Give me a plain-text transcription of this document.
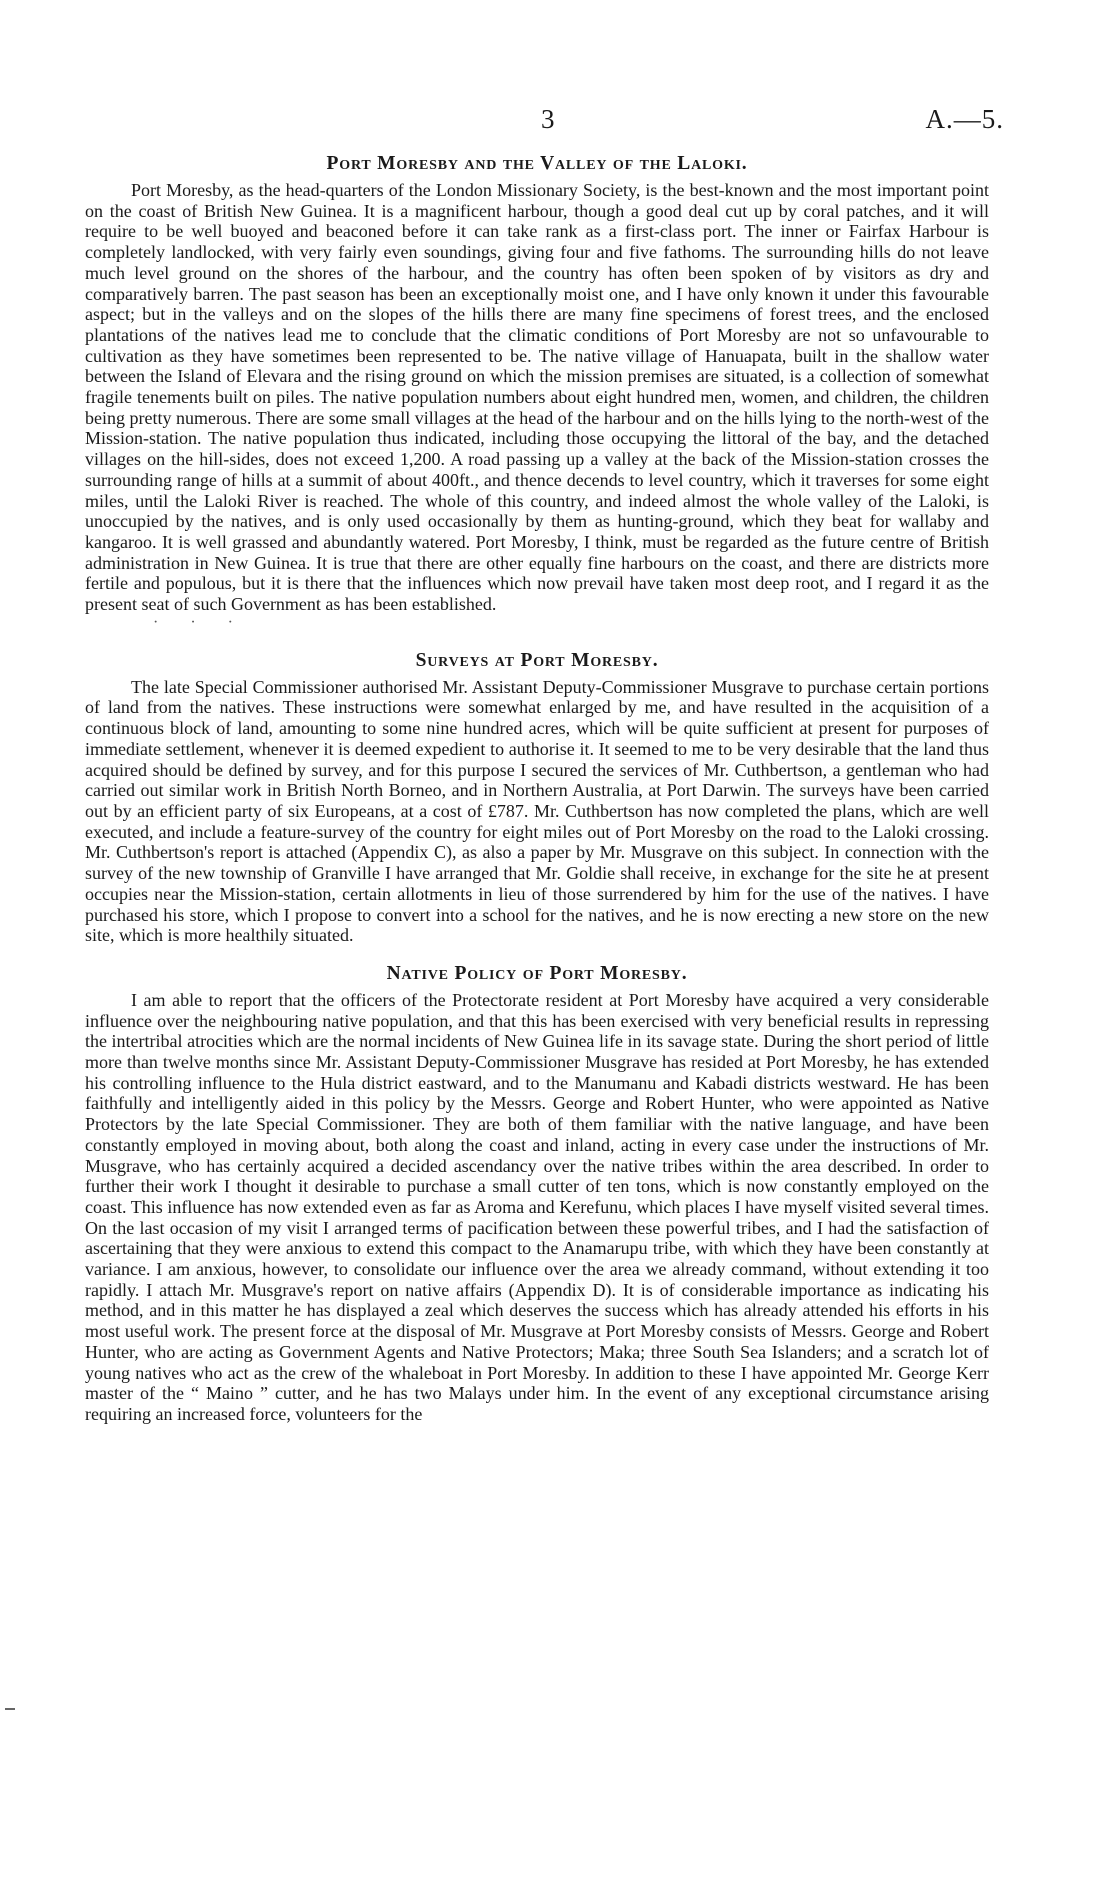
3	A.—5.
Port Moresby and the Valley of the Laloki.

Port Moresby, as the head-quarters of the London Missionary Society, is the best-known and the most important point on the coast of British New Guinea. It is a magnificent harbour, though a good deal cut up by coral patches, and it will require to be well buoyed and beaconed before it can take rank as a first-class port. The inner or Fairfax Harbour is completely landlocked, with very fairly even soundings, giving four and five fathoms. The surrounding hills do not leave much level ground on the shores of the harbour, and the country has often been spoken of by visitors as dry and comparatively barren. The past season has been an exceptionally moist one, and I have only known it under this favourable aspect; but in the valleys and on the slopes of the hills there are many fine specimens of forest trees, and the enclosed plantations of the natives lead me to conclude that the climatic conditions of Port Moresby are not so unfavourable to cultivation as they have sometimes been represented to be. The native village of Hanuapata, built in the shallow water between the Island of Elevara and the rising ground on which the mission premises are situated, is a collection of somewhat fragile tenements built on piles. The native population numbers about eight hundred men, women, and children, the children being pretty numerous. There are some small villages at the head of the harbour and on the hills lying to the north-west of the Mission-station. The native population thus indicated, including those occupying the littoral of the bay, and the detached villages on the hill-sides, does not exceed 1,200. A road passing up a valley at the back of the Mission-station crosses the surrounding range of hills at a summit of about 400ft., and thence decends to level country, which it traverses for some eight miles, until the Laloki River is reached. The whole of this country, and indeed almost the whole valley of the Laloki, is unoccupied by the natives, and is only used occasionally by them as hunting-ground, which they beat for wallaby and kangaroo. It is well grassed and abundantly watered. Port Moresby, I think, must be regarded as the future centre of British administration in New Guinea. It is true that there are other equally fine harbours on the coast, and there are districts more fertile and populous, but it is there that the influences which now prevail have taken most deep root, and I regard it as the present seat of such Government as has been established.

· · ·
Surveys at Port Moresby.

The late Special Commissioner authorised Mr. Assistant Deputy-Commissioner Musgrave to purchase certain portions of land from the natives. These instructions were somewhat enlarged by me, and have resulted in the acquisition of a continuous block of land, amounting to some nine hundred acres, which will be quite sufficient at present for purposes of immediate settlement, whenever it is deemed expedient to authorise it. It seemed to me to be very desirable that the land thus acquired should be defined by survey, and for this purpose I secured the services of Mr. Cuthbertson, a gentleman who had carried out similar work in British North Borneo, and in Northern Australia, at Port Darwin. The surveys have been carried out by an efficient party of six Europeans, at a cost of £787. Mr. Cuthbertson has now completed the plans, which are well executed, and include a feature-survey of the country for eight miles out of Port Moresby on the road to the Laloki crossing. Mr. Cuthbertson's report is attached (Appendix C), as also a paper by Mr. Musgrave on this subject. In connection with the survey of the new township of Granville I have arranged that Mr. Goldie shall receive, in exchange for the site he at present occupies near the Mission-station, certain allotments in lieu of those surrendered by him for the use of the natives. I have purchased his store, which I propose to convert into a school for the natives, and he is now erecting a new store on the new site, which is more healthily situated.

Native Policy of Port Moresby.

I am able to report that the officers of the Protectorate resident at Port Moresby have acquired a very considerable influence over the neighbouring native population, and that this has been exercised with very beneficial results in repressing the intertribal atrocities which are the normal incidents of New Guinea life in its savage state. During the short period of little more than twelve months since Mr. Assistant Deputy-Commissioner Musgrave has resided at Port Moresby, he has extended his controlling influence to the Hula district eastward, and to the Manumanu and Kabadi districts westward. He has been faithfully and intelligently aided in this policy by the Messrs. George and Robert Hunter, who were appointed as Native Protectors by the late Special Commissioner. They are both of them familiar with the native language, and have been constantly employed in moving about, both along the coast and inland, acting in every case under the instructions of Mr. Musgrave, who has certainly acquired a decided ascendancy over the native tribes within the area described. In order to further their work I thought it desirable to purchase a small cutter of ten tons, which is now constantly employed on the coast. This influence has now extended even as far as Aroma and Kerefunu, which places I have myself visited several times. On the last occasion of my visit I arranged terms of pacification between these powerful tribes, and I had the satisfaction of ascertaining that they were anxious to extend this compact to the Anamarupu tribe, with which they have been constantly at variance. I am anxious, however, to consolidate our influence over the area we already command, without extending it too rapidly. I attach Mr. Musgrave's report on native affairs (Appendix D). It is of considerable importance as indicating his method, and in this matter he has displayed a zeal which deserves the success which has already attended his efforts in his most useful work. The present force at the disposal of Mr. Musgrave at Port Moresby consists of Messrs. George and Robert Hunter, who are acting as Government Agents and Native Protectors; Maka; three South Sea Islanders; and a scratch lot of young natives who act as the crew of the whaleboat in Port Moresby. In addition to these I have appointed Mr. George Kerr master of the “ Maino ” cutter, and he has two Malays under him. In the event of any exceptional circumstance arising requiring an increased force, volunteers for the
